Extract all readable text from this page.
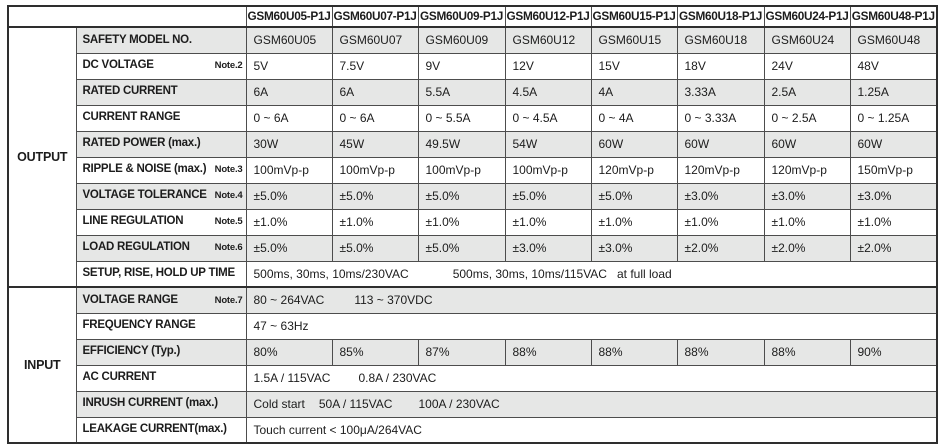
		GSM60U05-P1J	GSM60U07-P1J	GSM60U09-P1J	GSM60U12-P1J	GSM60U15-P1J	GSM60U18-P1J	GSM60U24-P1J	GSM60U48-P1J
OUTPUT	SAFETY MODEL NO.	GSM60U05	GSM60U07	GSM60U09	GSM60U12	GSM60U15	GSM60U18	GSM60U24	GSM60U48

	DC VOLTAGE Note.2	5V	7.5V	9V	12V	15V	18V	24V	48V

	RATED CURRENT	6A	6A	5.5A	4.5A	4A	3.33A	2.5A	1.25A

	CURRENT RANGE	0 ~ 6A	0 ~ 6A	0 ~ 5.5A	0 ~ 4.5A	0 ~ 4A	0 ~ 3.33A	0 ~ 2.5A	0 ~ 1.25A

	RATED POWER (max.)	30W	45W	49.5W	54W	60W	60W	60W	60W

	RIPPLE & NOISE (max.) Note.3	100mVp-p	100mVp-p	100mVp-p	100mVp-p	120mVp-p	120mVp-p	120mVp-p	150mVp-p

	VOLTAGE TOLERANCE Note.4	±5.0%	±5.0%	±5.0%	±5.0%	±5.0%	±3.0%	±3.0%	±3.0%

	LINE REGULATION Note.5	±1.0%	±1.0%	±1.0%	±1.0%	±1.0%	±1.0%	±1.0%	±1.0%

	LOAD REGULATION Note.6	±5.0%	±5.0%	±5.0%	±3.0%	±3.0%	±2.0%	±2.0%	±2.0%

	SETUP, RISE, HOLD UP TIME	500ms, 30ms, 10ms/230VAC 500ms, 30ms, 10ms/115VAC at full load							
INPUT	VOLTAGE RANGE Note.7	80 ~ 264VAC 113 ~ 370VDC							

	FREQUENCY RANGE	47 ~ 63Hz							

	EFFICIENCY (Typ.)	80%	85%	87%	88%	88%	88%	88%	90%

	AC CURRENT	1.5A / 115VAC 0.8A / 230VAC							

	INRUSH CURRENT (max.)	Cold start 50A / 115VAC 100A / 230VAC							

	LEAKAGE CURRENT(max.)	Touch current < 100μA/264VAC							
